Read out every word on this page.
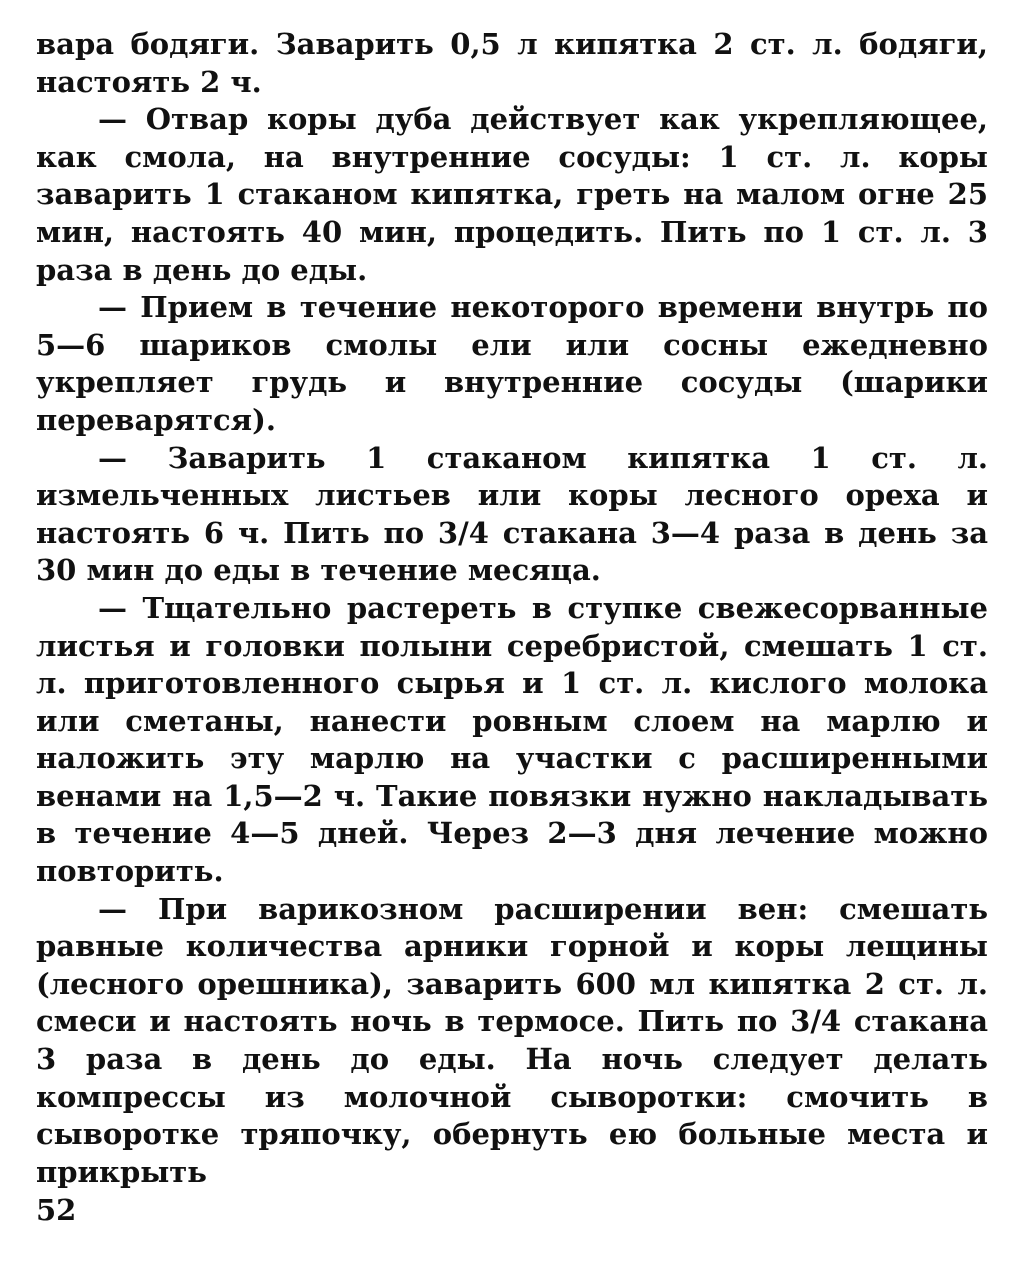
вара бодяги. Заварить 0,5 л кипятка 2 ст. л. бодяги, настоять 2 ч.

— Отвар коры дуба действует как укрепляющее, как смола, на внутренние сосуды: 1 ст. л. коры заварить 1 стаканом кипятка, греть на малом огне 25 мин, настоять 40 мин, процедить. Пить по 1 ст. л. 3 раза в день до еды.

— Прием в течение некоторого времени внутрь по 5—6 шариков смолы ели или сосны ежедневно укрепляет грудь и внутренние сосуды (шарики переварятся).

— Заварить 1 стаканом кипятка 1 ст. л. измельченных листьев или коры лесного ореха и настоять 6 ч. Пить по 3/4 стакана 3—4 раза в день за 30 мин до еды в течение месяца.

— Тщательно растереть в ступке свежесорванные листья и головки полыни серебристой, смешать 1 ст. л. приготовленного сырья и 1 ст. л. кислого молока или сметаны, нанести ровным слоем на марлю и наложить эту марлю на участки с расширенными венами на 1,5—2 ч. Такие повязки нужно накладывать в течение 4—5 дней. Через 2—3 дня лечение можно повторить.

— При варикозном расширении вен: смешать равные количества арники горной и коры лещины (лесного орешника), заварить 600 мл кипятка 2 ст. л. смеси и настоять ночь в термосе. Пить по 3/4 стакана 3 раза в день до еды. На ночь следует делать компрессы из молочной сыворотки: смочить в сыворотке тряпочку, обернуть ею больные места и прикрыть

52
